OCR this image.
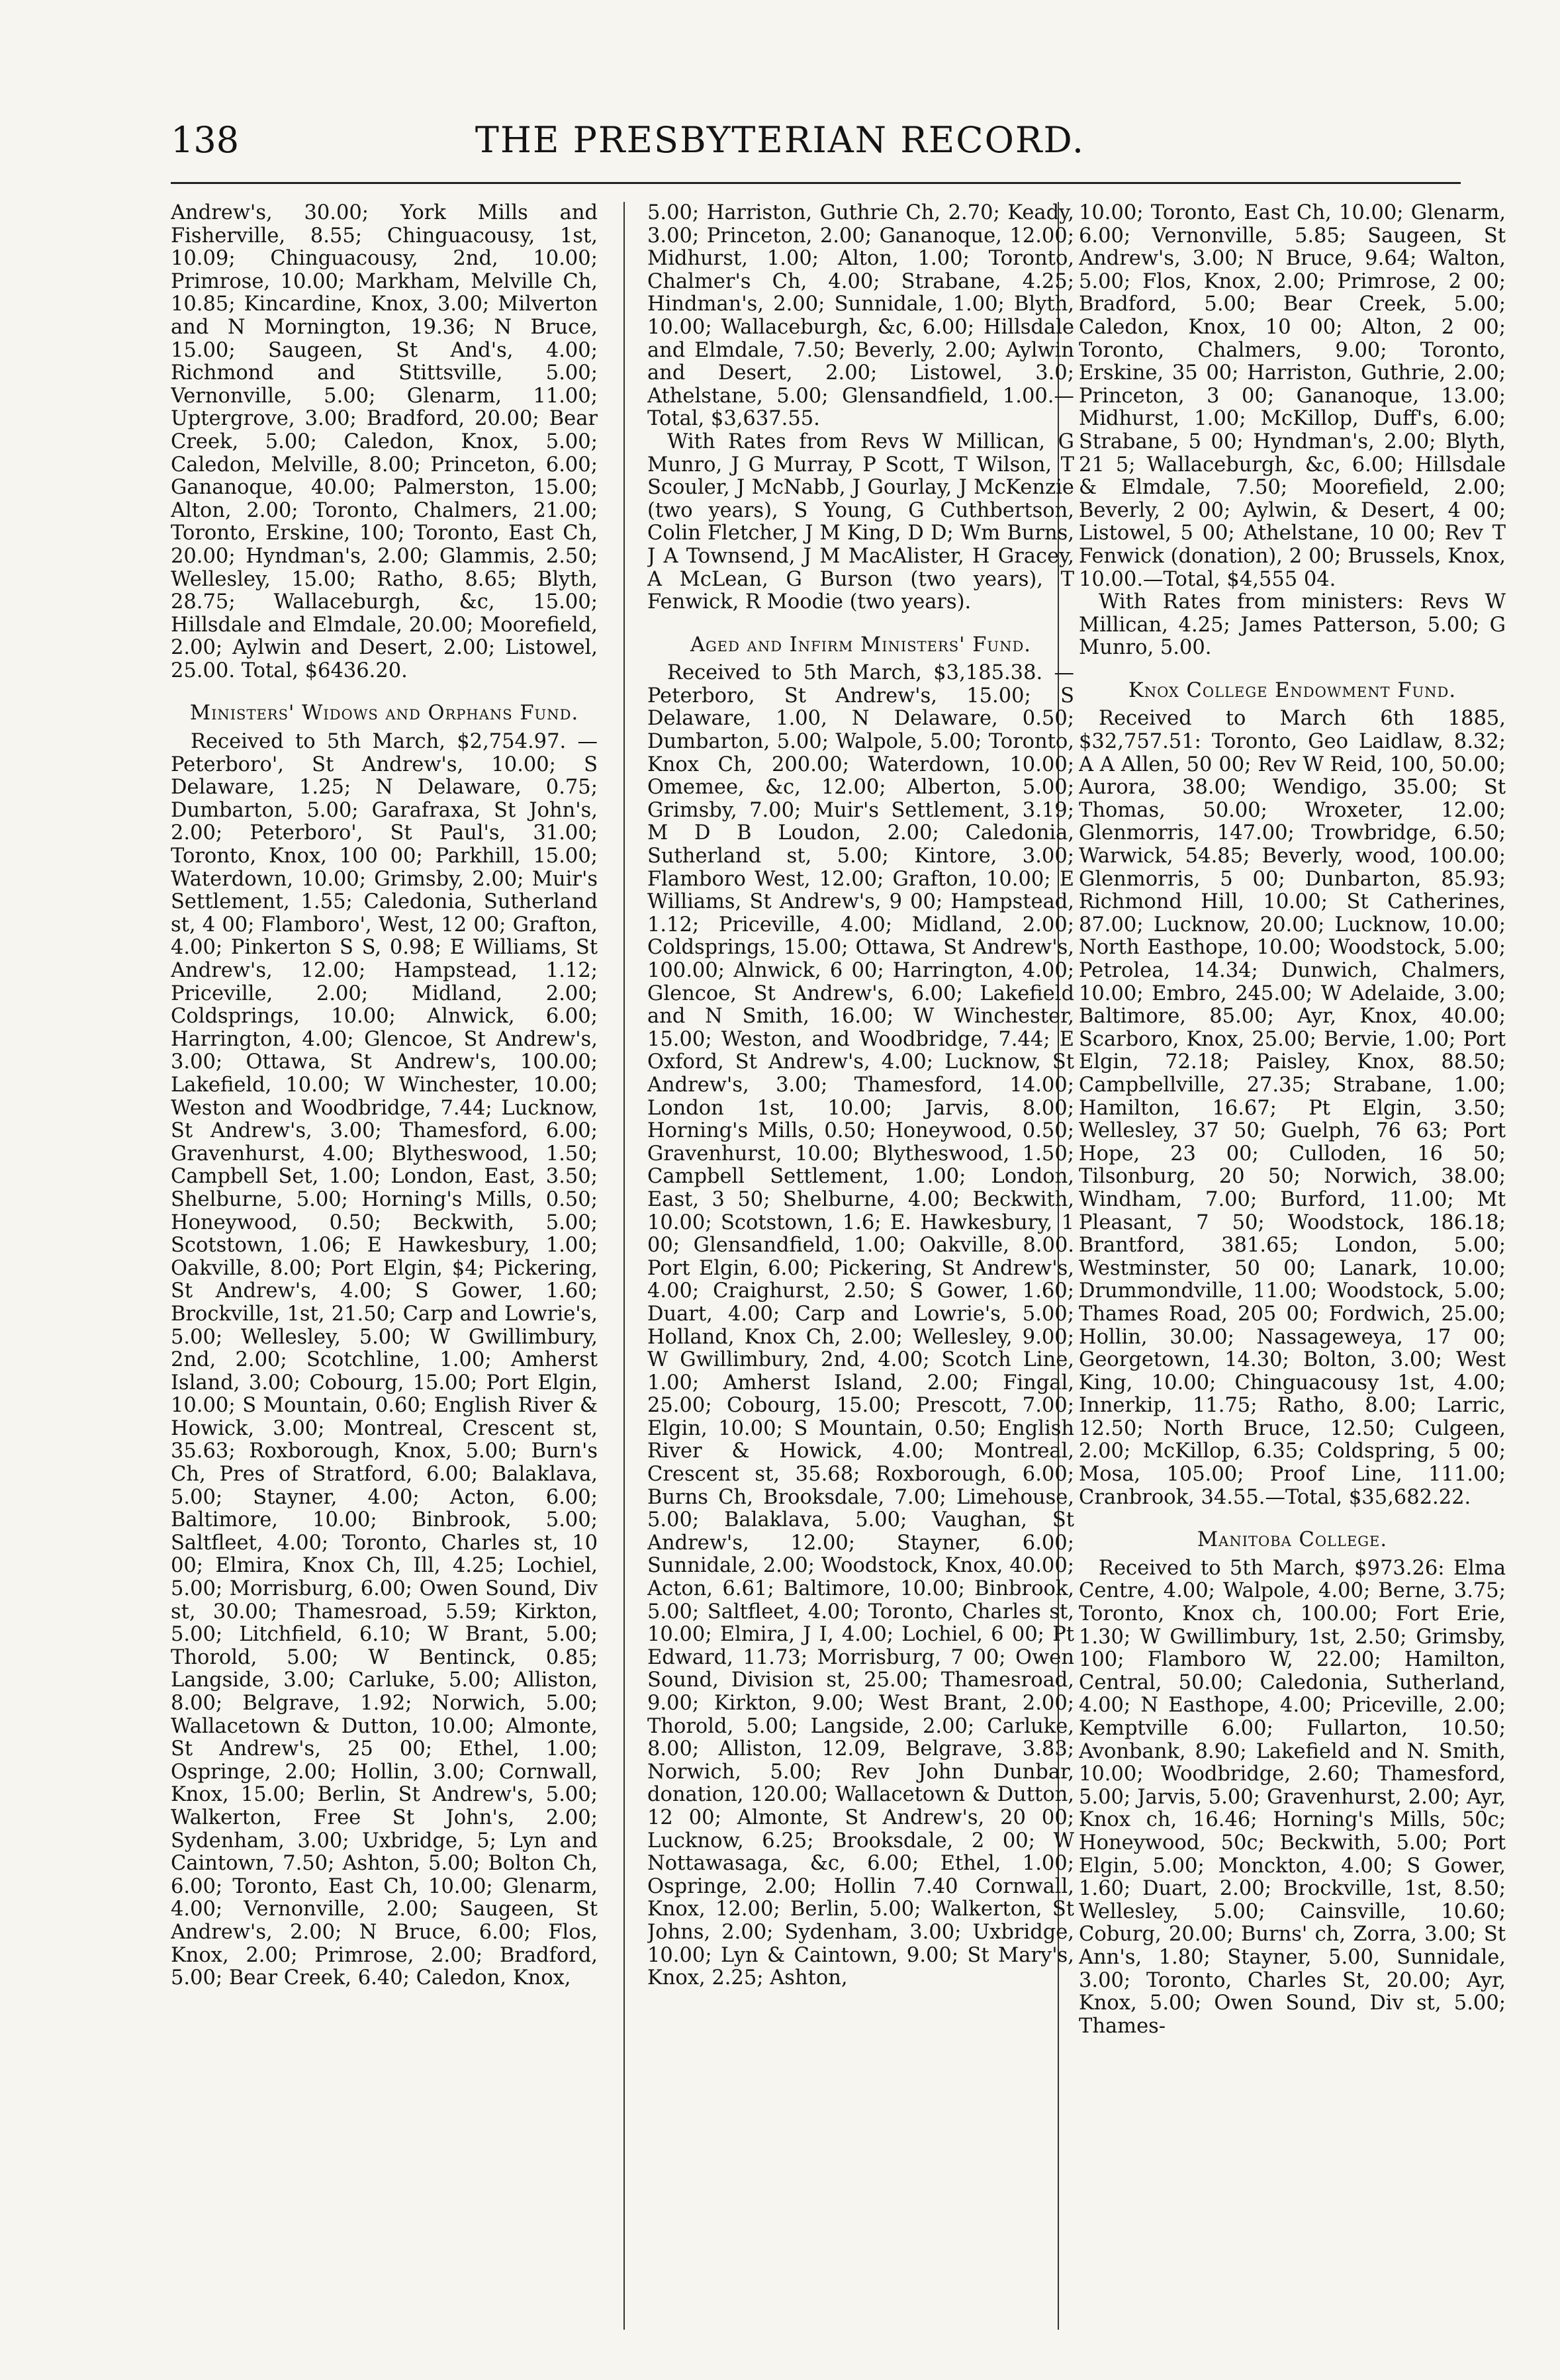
138	THE PRESBYTERIAN RECORD.

Andrew's, 30.00; York Mills and Fisherville, 8.55; Chinguacousy, 1st, 10.09; Chinguacousy, 2nd, 10.00; Primrose, 10.00; Markham, Melville Ch, 10.85; Kincardine, Knox, 3.00; Milverton and N Mornington, 19.36; N Bruce, 15.00; Saugeen, St And's, 4.00; Richmond and Stittsville, 5.00; Vernonville, 5.00; Glenarm, 11.00; Uptergrove, 3.00; Bradford, 20.00; Bear Creek, 5.00; Caledon, Knox, 5.00; Caledon, Melville, 8.00; Princeton, 6.00; Gananoque, 40.00; Palmerston, 15.00; Alton, 2.00; Toronto, Chalmers, 21.00; Toronto, Erskine, 100; Toronto, East Ch, 20.00; Hyndman's, 2.00; Glammis, 2.50; Wellesley, 15.00; Ratho, 8.65; Blyth, 28.75; Wallaceburgh, &c, 15.00; Hillsdale and Elmdale, 20.00; Moorefield, 2.00; Aylwin and Desert, 2.00; Listowel, 25.00. Total, $6436.20.

Ministers' Widows and Orphans Fund.

Received to 5th March, $2,754.97. —Peterboro', St Andrew's, 10.00; S Delaware, 1.25; N Delaware, 0.75; Dumbarton, 5.00; Garafraxa, St John's, 2.00; Peterboro', St Paul's, 31.00; Toronto, Knox, 100 00; Parkhill, 15.00; Waterdown, 10.00; Grimsby, 2.00; Muir's Settlement, 1.55; Caledonia, Sutherland st, 4 00; Flamboro', West, 12 00; Grafton, 4.00; Pinkerton S S, 0.98; E Williams, St Andrew's, 12.00; Hampstead, 1.12; Priceville, 2.00; Midland, 2.00; Coldsprings, 10.00; Alnwick, 6.00; Harrington, 4.00; Glencoe, St Andrew's, 3.00; Ottawa, St Andrew's, 100.00; Lakefield, 10.00; W Winchester, 10.00; Weston and Woodbridge, 7.44; Lucknow, St Andrew's, 3.00; Thamesford, 6.00; Gravenhurst, 4.00; Blytheswood, 1.50; Campbell Set, 1.00; London, East, 3.50; Shelburne, 5.00; Horning's Mills, 0.50; Honeywood, 0.50; Beckwith, 5.00; Scotstown, 1.06; E Hawkesbury, 1.00; Oakville, 8.00; Port Elgin, $4; Pickering, St Andrew's, 4.00; S Gower, 1.60; Brockville, 1st, 21.50; Carp and Lowrie's, 5.00; Wellesley, 5.00; W Gwillimbury, 2nd, 2.00; Scotchline, 1.00; Amherst Island, 3.00; Cobourg, 15.00; Port Elgin, 10.00; S Mountain, 0.60; English River & Howick, 3.00; Montreal, Crescent st, 35.63; Roxborough, Knox, 5.00; Burn's Ch, Pres of Stratford, 6.00; Balaklava, 5.00; Stayner, 4.00; Acton, 6.00; Baltimore, 10.00; Binbrook, 5.00; Saltfleet, 4.00; Toronto, Charles st, 10 00; Elmira, Knox Ch, Ill, 4.25; Lochiel, 5.00; Morrisburg, 6.00; Owen Sound, Div st, 30.00; Thamesroad, 5.59; Kirkton, 5.00; Litchfield, 6.10; W Brant, 5.00; Thorold, 5.00; W Bentinck, 0.85; Langside, 3.00; Carluke, 5.00; Alliston, 8.00; Belgrave, 1.92; Norwich, 5.00; Wallacetown & Dutton, 10.00; Almonte, St Andrew's, 25 00; Ethel, 1.00; Ospringe, 2.00; Hollin, 3.00; Cornwall, Knox, 15.00; Berlin, St Andrew's, 5.00; Walkerton, Free St John's, 2.00; Sydenham, 3.00; Uxbridge, 5; Lyn and Caintown, 7.50; Ashton, 5.00; Bolton Ch, 6.00; Toronto, East Ch, 10.00; Glenarm, 4.00; Vernonville, 2.00; Saugeen, St Andrew's, 2.00; N Bruce, 6.00; Flos, Knox, 2.00; Primrose, 2.00; Bradford, 5.00; Bear Creek, 6.40; Caledon, Knox,

5.00; Harriston, Guthrie Ch, 2.70; Keady, 3.00; Princeton, 2.00; Gananoque, 12.00; Midhurst, 1.00; Alton, 1.00; Toronto, Chalmer's Ch, 4.00; Strabane, 4.25; Hindman's, 2.00; Sunnidale, 1.00; Blyth, 10.00; Wallaceburgh, &c, 6.00; Hillsdale and Elmdale, 7.50; Beverly, 2.00; Aylwin and Desert, 2.00; Listowel, 3.0; Athelstane, 5.00; Glensandfield, 1.00.—Total, $3,637.55.

With Rates from Revs W Millican, G Munro, J G Murray, P Scott, T Wilson, T Scouler, J McNabb, J Gourlay, J McKenzie (two years), S Young, G Cuthbertson, Colin Fletcher, J M King, D D; Wm Burns, J A Townsend, J M MacAlister, H Gracey, A McLean, G Burson (two years), T Fenwick, R Moodie (two years).

Aged and Infirm Ministers' Fund.

Received to 5th March, $3,185.38. —Peterboro, St Andrew's, 15.00; S Delaware, 1.00, N Delaware, 0.50; Dumbarton, 5.00; Walpole, 5.00; Toronto, Knox Ch, 200.00; Waterdown, 10.00; Omemee, &c, 12.00; Alberton, 5.00; Grimsby, 7.00; Muir's Settlement, 3.19; M D B Loudon, 2.00; Caledonia, Sutherland st, 5.00; Kintore, 3.00; Flamboro West, 12.00; Grafton, 10.00; E Williams, St Andrew's, 9 00; Hampstead, 1.12; Priceville, 4.00; Midland, 2.00; Coldsprings, 15.00; Ottawa, St Andrew's, 100.00; Alnwick, 6 00; Harrington, 4.00; Glencoe, St Andrew's, 6.00; Lakefield and N Smith, 16.00; W Winchester, 15.00; Weston, and Woodbridge, 7.44; E Oxford, St Andrew's, 4.00; Lucknow, St Andrew's, 3.00; Thamesford, 14.00; London 1st, 10.00; Jarvis, 8.00; Horning's Mills, 0.50; Honeywood, 0.50; Gravenhurst, 10.00; Blytheswood, 1.50; Campbell Settlement, 1.00; London, East, 3 50; Shelburne, 4.00; Beckwith, 10.00; Scotstown, 1.6; E. Hawkesbury, 1 00; Glensandfield, 1.00; Oakville, 8.00. Port Elgin, 6.00; Pickering, St Andrew's, 4.00; Craighurst, 2.50; S Gower, 1.60; Duart, 4.00; Carp and Lowrie's, 5.00; Holland, Knox Ch, 2.00; Wellesley, 9.00; W Gwillimbury, 2nd, 4.00; Scotch Line, 1.00; Amherst Island, 2.00; Fingal, 25.00; Cobourg, 15.00; Prescott, 7.00; Elgin, 10.00; S Mountain, 0.50; English River & Howick, 4.00; Montreal, Crescent st, 35.68; Roxborough, 6.00; Burns Ch, Brooksdale, 7.00; Limehouse, 5.00; Balaklava, 5.00; Vaughan, St Andrew's, 12.00; Stayner, 6.00; Sunnidale, 2.00; Woodstock, Knox, 40.00; Acton, 6.61; Baltimore, 10.00; Binbrook, 5.00; Saltfleet, 4.00; Toronto, Charles st, 10.00; Elmira, J I, 4.00; Lochiel, 6 00; Pt Edward, 11.73; Morrisburg, 7 00; Owen Sound, Division st, 25.00; Thamesroad, 9.00; Kirkton, 9.00; West Brant, 2.00; Thorold, 5.00; Langside, 2.00; Carluke, 8.00; Alliston, 12.09, Belgrave, 3.83; Norwich, 5.00; Rev John Dunbar, donation, 120.00; Wallacetown & Dutton, 12 00; Almonte, St Andrew's, 20 00; Lucknow, 6.25; Brooksdale, 2 00; W Nottawasaga, &c, 6.00; Ethel, 1.00; Ospringe, 2.00; Hollin 7.40 Cornwall, Knox, 12.00; Berlin, 5.00; Walkerton, St Johns, 2.00; Sydenham, 3.00; Uxbridge, 10.00; Lyn & Caintown, 9.00; St Mary's, Knox, 2.25; Ashton,

10.00; Toronto, East Ch, 10.00; Glenarm, 6.00; Vernonville, 5.85; Saugeen, St Andrew's, 3.00; N Bruce, 9.64; Walton, 5.00; Flos, Knox, 2.00; Primrose, 2 00; Bradford, 5.00; Bear Creek, 5.00; Caledon, Knox, 10 00; Alton, 2 00; Toronto, Chalmers, 9.00; Toronto, Erskine, 35 00; Harriston, Guthrie, 2.00; Princeton, 3 00; Gananoque, 13.00; Midhurst, 1.00; McKillop, Duff's, 6.00; Strabane, 5 00; Hyndman's, 2.00; Blyth, 21 5; Wallaceburgh, &c, 6.00; Hillsdale & Elmdale, 7.50; Moorefield, 2.00; Beverly, 2 00; Aylwin, & Desert, 4 00; Listowel, 5 00; Athelstane, 10 00; Rev T Fenwick (donation), 2 00; Brussels, Knox, 10.00.—Total, $4,555 04.

With Rates from ministers: Revs W Millican, 4.25; James Patterson, 5.00; G Munro, 5.00.

Knox College Endowment Fund.

Received to March 6th 1885, $32,757.51: Toronto, Geo Laidlaw, 8.32; A A Allen, 50 00; Rev W Reid, 100, 50.00; Aurora, 38.00; Wendigo, 35.00; St Thomas, 50.00; Wroxeter, 12.00; Glenmorris, 147.00; Trowbridge, 6.50; Warwick, 54.85; Beverly, wood, 100.00; Glenmorris, 5 00; Dunbarton, 85.93; Richmond Hill, 10.00; St Catherines, 87.00; Lucknow, 20.00; Lucknow, 10.00; North Easthope, 10.00; Woodstock, 5.00; Petrolea, 14.34; Dunwich, Chalmers, 10.00; Embro, 245.00; W Adelaide, 3.00; Baltimore, 85.00; Ayr, Knox, 40.00; Scarboro, Knox, 25.00; Bervie, 1.00; Port Elgin, 72.18; Paisley, Knox, 88.50; Campbellville, 27.35; Strabane, 1.00; Hamilton, 16.67; Pt Elgin, 3.50; Wellesley, 37 50; Guelph, 76 63; Port Hope, 23 00; Culloden, 16 50; Tilsonburg, 20 50; Norwich, 38.00; Windham, 7.00; Burford, 11.00; Mt Pleasant, 7 50; Woodstock, 186.18; Brantford, 381.65; London, 5.00; Westminster, 50 00; Lanark, 10.00; Drummondville, 11.00; Woodstock, 5.00; Thames Road, 205 00; Fordwich, 25.00; Hollin, 30.00; Nassageweya, 17 00; Georgetown, 14.30; Bolton, 3.00; West King, 10.00; Chinguacousy 1st, 4.00; Innerkip, 11.75; Ratho, 8.00; Larric, 12.50; North Bruce, 12.50; Culgeen, 2.00; McKillop, 6.35; Coldspring, 5 00; Mosa, 105.00; Proof Line, 111.00; Cranbrook, 34.55.—Total, $35,682.22.

Manitoba College.

Received to 5th March, $973.26: Elma Centre, 4.00; Walpole, 4.00; Berne, 3.75; Toronto, Knox ch, 100.00; Fort Erie, 1.30; W Gwillimbury, 1st, 2.50; Grimsby, 100; Flamboro W, 22.00; Hamilton, Central, 50.00; Caledonia, Sutherland, 4.00; N Easthope, 4.00; Priceville, 2.00; Kemptville 6.00; Fullarton, 10.50; Avonbank, 8.90; Lakefield and N. Smith, 10.00; Woodbridge, 2.60; Thamesford, 5.00; Jarvis, 5.00; Gravenhurst, 2.00; Ayr, Knox ch, 16.46; Horning's Mills, 50c; Honeywood, 50c; Beckwith, 5.00; Port Elgin, 5.00; Monckton, 4.00; S Gower, 1.60; Duart, 2.00; Brockville, 1st, 8.50; Wellesley, 5.00; Cainsville, 10.60; Coburg, 20.00; Burns' ch, Zorra, 3.00; St Ann's, 1.80; Stayner, 5.00, Sunnidale, 3.00; Toronto, Charles St, 20.00; Ayr, Knox, 5.00; Owen Sound, Div st, 5.00; Thames-
